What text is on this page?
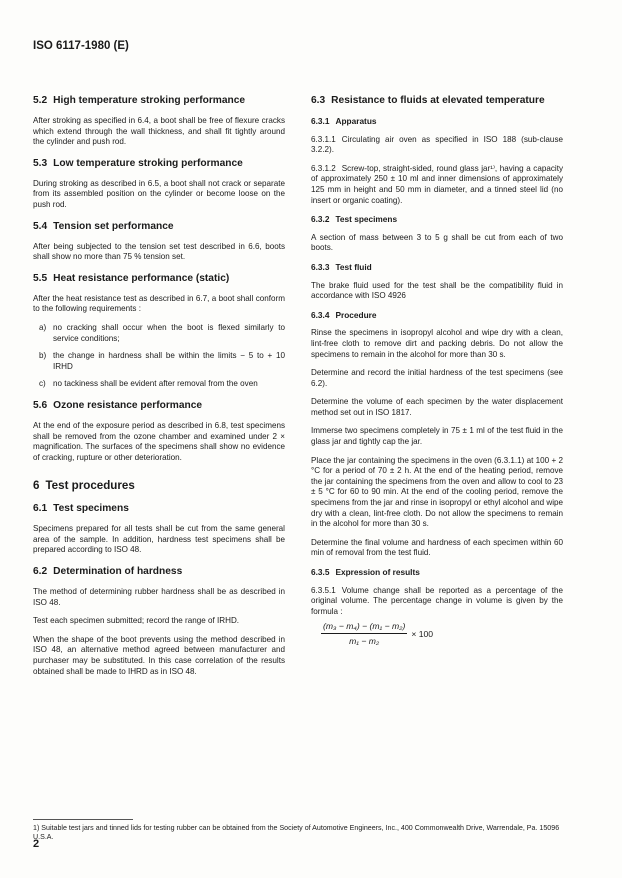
ISO 6117-1980 (E)
5.2 High temperature stroking performance

After stroking as specified in 6.4, a boot shall be free of flexure cracks which extend through the wall thickness, and shall fit tightly around the cylinder and push rod.

5.3 Low temperature stroking performance

During stroking as described in 6.5, a boot shall not crack or separate from its assembled position on the cylinder or become loose on the push rod.

5.4 Tension set performance

After being subjected to the tension set test described in 6.6, boots shall show no more than 75 % tension set.

5.5 Heat resistance performance (static)

After the heat resistance test as described in 6.7, a boot shall conform to the following requirements :

a) no cracking shall occur when the boot is flexed similarly to service conditions;
b) the change in hardness shall be within the limits − 5 to + 10 IRHD
c) no tackiness shall be evident after removal from the oven
5.6 Ozone resistance performance

At the end of the exposure period as described in 6.8, test specimens shall be removed from the ozone chamber and examined under 2 × magnification. The surfaces of the specimens shall show no evidence of cracking, rupture or other deterioration.

6 Test procedures
6.1 Test specimens

Specimens prepared for all tests shall be cut from the same general area of the sample. In addition, hardness test specimens shall be prepared according to ISO 48.

6.2 Determination of hardness

The method of determining rubber hardness shall be as described in ISO 48.

Test each specimen submitted; record the range of IRHD.

When the shape of the boot prevents using the method described in ISO 48, an alternative method agreed between manufacturer and purchaser may be substituted. In this case correlation of the results obtained shall be made to IHRD as in ISO 48.

6.3 Resistance to fluids at elevated temperature
6.3.1 Apparatus

6.3.1.1 Circulating air oven as specified in ISO 188 (sub-clause 3.2.2).

6.3.1.2 Screw-top, straight-sided, round glass jar¹⁾, having a capacity of approximately 250 ± 10 ml and inner dimensions of approximately 125 mm in height and 50 mm in diameter, and a tinned steel lid (no insert or organic coating).

6.3.2 Test specimens

A section of mass between 3 to 5 g shall be cut from each of two boots.

6.3.3 Test fluid

The brake fluid used for the test shall be the compatibility fluid in accordance with ISO 4926

6.3.4 Procedure

Rinse the specimens in isopropyl alcohol and wipe dry with a clean, lint-free cloth to remove dirt and packing debris. Do not allow the specimens to remain in the alcohol for more than 30 s.

Determine and record the initial hardness of the test specimens (see 6.2).

Determine the volume of each specimen by the water displacement method set out in ISO 1817.

Immerse two specimens completely in 75 ± 1 ml of the test fluid in the glass jar and tightly cap the jar.

Place the jar containing the specimens in the oven (6.3.1.1) at 100 + 2 °C for a period of 70 ± 2 h. At the end of the heating period, remove the jar containing the specimens from the oven and allow to cool to 23 ± 5 °C for 60 to 90 min. At the end of the cooling period, remove the specimens from the jar and rinse in isopropyl or ethyl alcohol and wipe dry with a clean, lint-free cloth. Do not allow the specimens to remain in the alcohol for more than 30 s.

Determine the final volume and hardness of each specimen within 60 min of removal from the test fluid.

6.3.5 Expression of results

6.3.5.1 Volume change shall be reported as a percentage of the original volume. The percentage change in volume is given by the formula :

$\frac{\text{(m₃ − m₄) − (m₁ − m₂)}}{\text{m₁ − m₂}} \times 100$
1) Suitable test jars and tinned lids for testing rubber can be obtained from the Society of Automotive Engineers, Inc., 400 Commonwealth Drive, Warrendale, Pa. 15096 U.S.A.
2
